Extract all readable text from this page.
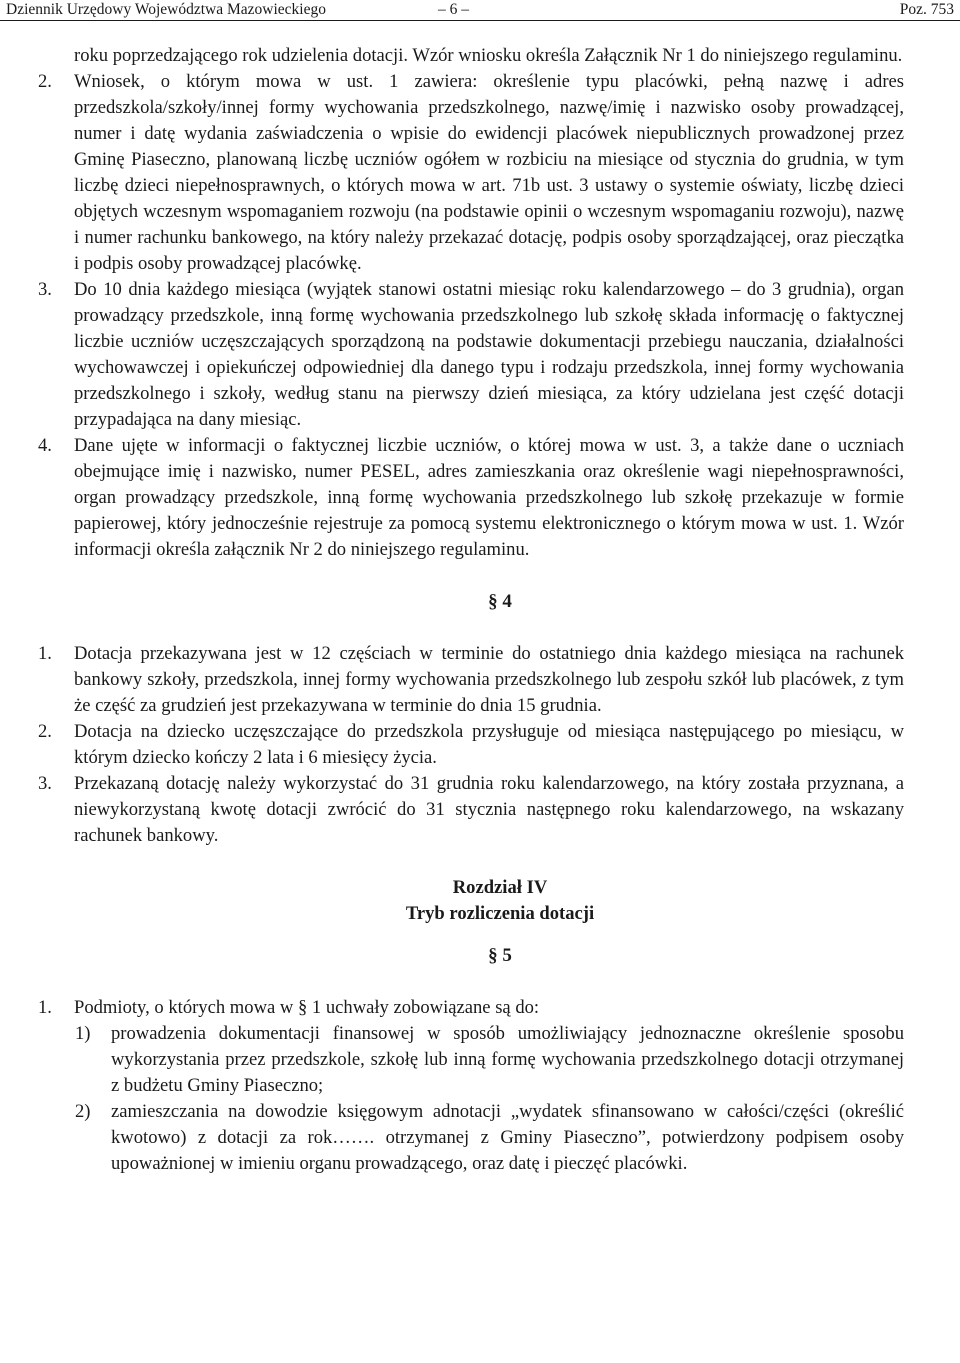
Dziennik Urzędowy Województwa Mazowieckiego	– 6 –	Poz. 753
roku poprzedzającego rok udzielenia dotacji. Wzór wniosku określa Załącznik Nr 1 do niniejszego regulaminu.
2. Wniosek, o którym mowa w ust. 1 zawiera: określenie typu placówki, pełną nazwę i adres przedszkola/szkoły/innej formy wychowania przedszkolnego, nazwę/imię i nazwisko osoby prowadzącej, numer i datę wydania zaświadczenia o wpisie do ewidencji placówek niepublicznych prowadzonej przez Gminę Piaseczno, planowaną liczbę uczniów ogółem w rozbiciu na miesiące od stycznia do grudnia, w tym liczbę dzieci niepełnosprawnych, o których mowa w art. 71b ust. 3 ustawy o systemie oświaty, liczbę dzieci objętych wczesnym wspomaganiem rozwoju (na podstawie opinii o wczesnym wspomaganiu rozwoju), nazwę i numer rachunku bankowego, na który należy przekazać dotację, podpis osoby sporządzającej, oraz pieczątka i podpis osoby prowadzącej placówkę.
3. Do 10 dnia każdego miesiąca (wyjątek stanowi ostatni miesiąc roku kalendarzowego – do 3 grudnia), organ prowadzący przedszkole, inną formę wychowania przedszkolnego lub szkołę składa informację o faktycznej liczbie uczniów uczęszczających sporządzoną na podstawie dokumentacji przebiegu nauczania, działalności wychowawczej i opiekuńczej odpowiedniej dla danego typu i rodzaju przedszkola, innej formy wychowania przedszkolnego i szkoły, według stanu na pierwszy dzień miesiąca, za który udzielana jest część dotacji przypadająca na dany miesiąc.
4. Dane ujęte w informacji o faktycznej liczbie uczniów, o której mowa w ust. 3, a także dane o uczniach obejmujące imię i nazwisko, numer PESEL, adres zamieszkania oraz określenie wagi niepełnosprawności, organ prowadzący przedszkole, inną formę wychowania przedszkolnego lub szkołę przekazuje w formie papierowej, który jednocześnie rejestruje za pomocą systemu elektronicznego o którym mowa w ust. 1. Wzór informacji określa załącznik Nr 2 do niniejszego regulaminu.
§ 4
1. Dotacja przekazywana jest w 12 częściach w terminie do ostatniego dnia każdego miesiąca na rachunek bankowy szkoły, przedszkola, innej formy wychowania przedszkolnego lub zespołu szkół lub placówek, z tym że część za grudzień jest przekazywana w terminie do dnia 15 grudnia.
2. Dotacja na dziecko uczęszczające do przedszkola przysługuje od miesiąca następującego po miesiącu, w którym dziecko kończy 2 lata i 6 miesięcy życia.
3. Przekazaną dotację należy wykorzystać do 31 grudnia roku kalendarzowego, na który została przyznana, a niewykorzystaną kwotę dotacji zwrócić do 31 stycznia następnego roku kalendarzowego, na wskazany rachunek bankowy.
Rozdział IV
Tryb rozliczenia dotacji
§ 5
1. Podmioty, o których mowa w § 1 uchwały zobowiązane są do:
1) prowadzenia dokumentacji finansowej w sposób umożliwiający jednoznaczne określenie sposobu wykorzystania przez przedszkole, szkołę lub inną formę wychowania przedszkolnego dotacji otrzymanej z budżetu Gminy Piaseczno;
2) zamieszczania na dowodzie księgowym adnotacji „wydatek sfinansowano w całości/części (określić kwotowo) z dotacji za rok……. otrzymanej z Gminy Piaseczno”, potwierdzony podpisem osoby upoważnionej w imieniu organu prowadzącego, oraz datę i pieczęć placówki.
